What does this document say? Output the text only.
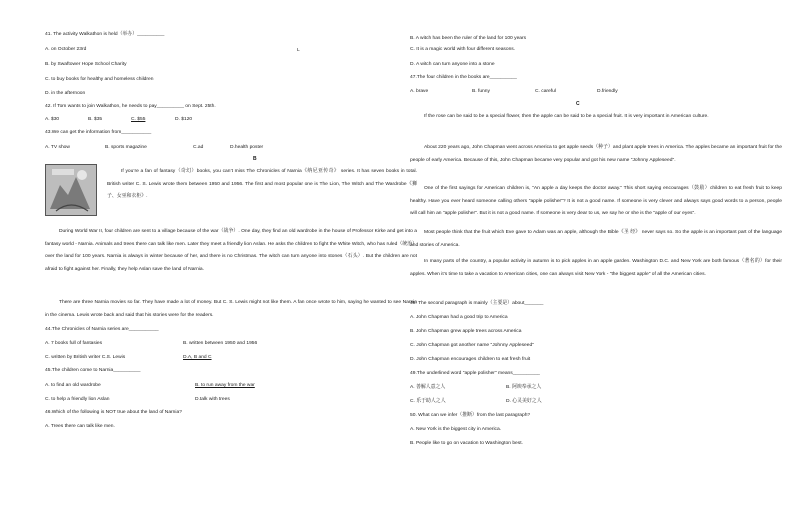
41. The activity Walkathon is held（举办）__________
A. on October 23rd	L
B. by Swaftower Hope School Charity
C. to buy books for healthy and homeless children
D. in the afternoon
42. If Tom wants to join Walkathon, he needs to pay__________ on Sept. 25th.
A. $30	B. $35	C. $55	D. $120
43.We can get the information from___________
A. TV show	B. sports magazine	C.ad	D.health poster
B
If you’re a fan of fantasy（奇幻）books, you can’t miss The Chronicles of Narnia《纳尼亚传奇》 series. It has seven books in total. British writer C. S. Lewis wrote them between 1950 and 1956. The first and most popular one is The Lion, The Witch and The Wardrobe《狮子、女巫和衣柜》.
During World War II, four children are sent to a village because of the war（战争）. One day, they find an old wardrobe in the house of Professor Kirke and get into a fantasy world - Narnia. Animals and trees there can talk like men. Later they meet a friendly lion Aslan. He asks the children to fight the White Witch, who has ruled（统治）over the land for 100 years. Narnia is always in winter because of her, and there is no Christmas. The witch can turn anyone into stones（石头）. But the children are not afraid to fight against her. Finally, they help Aslan save the land of Narnia.
There are three Narnia movies so far. They have made a lot of money. But C. S. Lewis might not like them. A fan once wrote to him, saying he wanted to see Narnia in the cinema. Lewis wrote back and said that his stories were for the readers.
44.The Chronicles of Narnia series are___________
A. 7 books full of fantasies	B. written between 1950 and 1956
C. written by British writer C.S. Lewis	D.A, B and C
45.The children come to Narnia__________
A. to find an old wardrobe	B. to run away from the war
C. to help a friendly lion Aslan	D.talk with trees
46.Which of the following is NOT true about the land of Narnia?
A. Trees there can talk like men.
B. A witch has been the ruler of the land for 100 years
C. It is a magic world with four different seasons.
D. A witch can turn anyone into a stone
47.The four children in the books are__________
A. brave	B. funny	C. careful	D.friendly
C
If the rose can be said to be a special flower, then the apple can be said to be a special fruit. It is very important in American culture.
About 220 years ago, John Chapman went across America to get apple seeds（种子）and plant apple trees in America. The apples became an important fruit for the people of early America. Because of this, John Chapman became very popular and got his new name "Johnny Appleseed".
One of the first sayings for American children is, "An apple a day keeps the doctor away." This short saying encourages（鼓励）children to eat fresh fruit to keep healthy. Have you ever heard someone calling others "apple polisher"? It is not a good name. If someone is very clever and always says good words to a person, people will call him an "apple polisher". But it is not a good name. If someone is very dear to us, we say he or she is the "apple of our eyes".
Most people think that the fruit which Eve gave to Adam was an apple, although the Bible《圣 经》 never says so. So the apple is an important part of the language and stories of America.
In many parts of the country, a popular activity in autumn is to pick apples in an apple garden. Washington D.C. and New York are both famous（著名的）for their apples. When it’s time to take a vacation to American cities, one can always visit New York - "the biggest apple" of all the American cities.
48. The second paragraph is mainly（主要是）about_______
A. John Chapman had a good trip to America
B. John Chapman grew apple trees across America
C. John Chapman got another name "Johnny Appleseed"
D. John Chapman encourages children to eat fresh fruit
49.The underlined word "apple polisher" means__________
A. 善解人意之人	B. 阿谀奉承之人
C. 乐于助人之人	D. 心灵美好之人
50. What can we infer（推断）from the last paragraph?
A. New York is the biggest city in America.
B. People like to go on vacation to Washington best.
